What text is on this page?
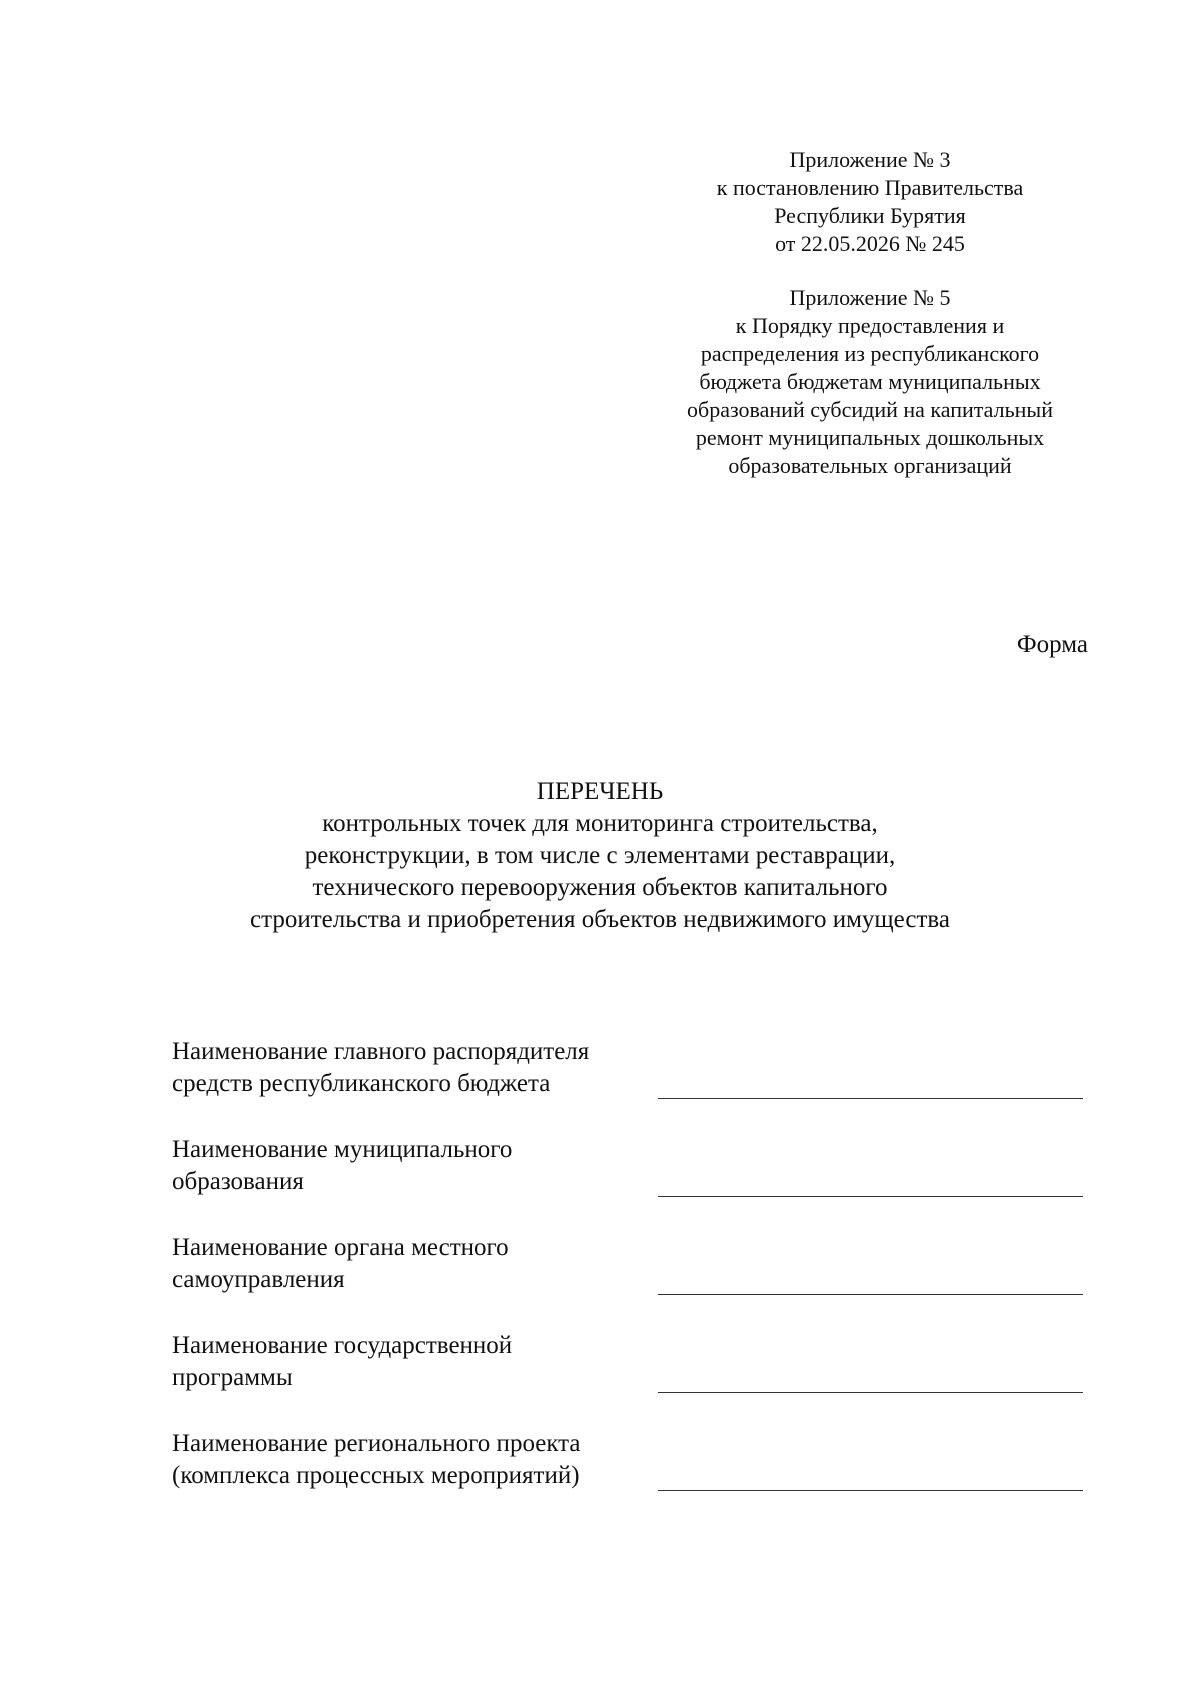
Приложение № 3
к постановлению Правительства
Республики Бурятия
от 22.05.2026 № 245
Приложение № 5
к Порядку предоставления и
распределения из республиканского
бюджета бюджетам муниципальных
образований субсидий на капитальный
ремонт муниципальных дошкольных
образовательных организаций
Форма
ПЕРЕЧЕНЬ
контрольных точек для мониторинга строительства,
реконструкции, в том числе с элементами реставрации,
технического перевооружения объектов капитального
строительства и приобретения объектов недвижимого имущества
Наименование главного распорядителя
средств республиканского бюджета
Наименование муниципального
образования
Наименование органа местного
самоуправления
Наименование государственной
программы
Наименование регионального проекта
(комплекса процессных мероприятий)
